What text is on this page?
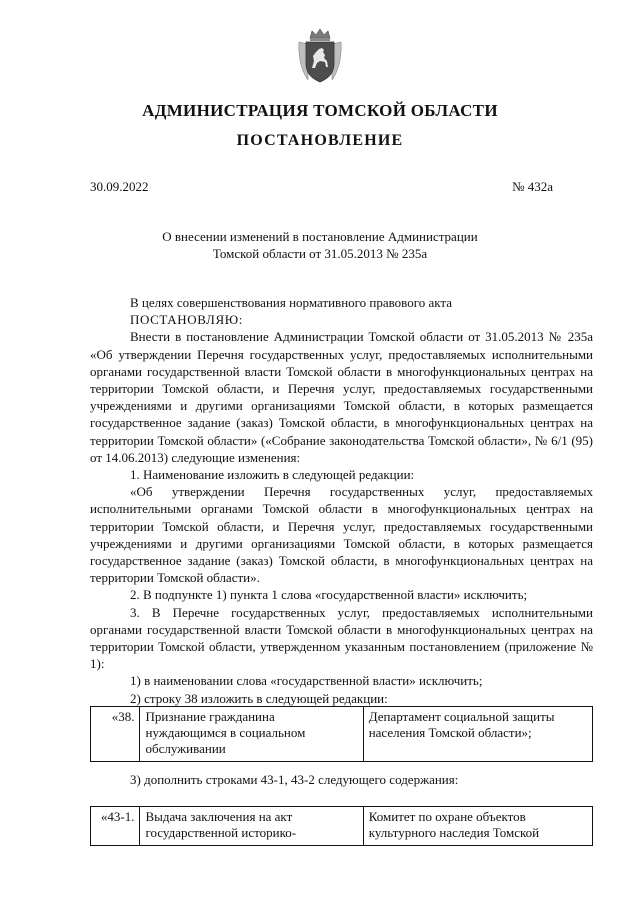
АДМИНИСТРАЦИЯ ТОМСКОЙ ОБЛАСТИ
ПОСТАНОВЛЕНИЕ
30.09.2022	№ 432а
О внесении изменений в постановление Администрации
Томской области от 31.05.2013 № 235а

В целях совершенствования нормативного правового акта

ПОСТАНОВЛЯЮ:

Внести в постановление Администрации Томской области от 31.05.2013 № 235а «Об утверждении Перечня государственных услуг, предоставляемых исполнительными органами государственной власти Томской области в многофункциональных центрах на территории Томской области, и Перечня услуг, предоставляемых государственными учреждениями и другими организациями Томской области, в которых размещается государственное задание (заказ) Томской области, в многофункциональных центрах на территории Томской области» («Собрание законодательства Томской области», № 6/1 (95) от 14.06.2013) следующие изменения:

1. Наименование изложить в следующей редакции:

«Об утверждении Перечня государственных услуг, предоставляемых исполнительными органами Томской области в многофункциональных центрах на территории Томской области, и Перечня услуг, предоставляемых государственными учреждениями и другими организациями Томской области, в которых размещается государственное задание (заказ) Томской области, в многофункциональных центрах на территории Томской области».

2. В подпункте 1) пункта 1 слова «государственной власти» исключить;

3. В Перечне государственных услуг, предоставляемых исполнительными органами государственной власти Томской области в многофункциональных центрах на территории Томской области, утвержденном указанным постановлением (приложение № 1):

1) в наименовании слова «государственной власти» исключить;

2) строку 38 изложить в следующей редакции:

«38.	Признание гражданина нуждающимся в социальном обслуживании	Департамент социальной защиты населения Томской области»;
3) дополнить строками 43-1, 43-2 следующего содержания:
«43-1.	Выдача заключения на акт государственной историко-	Комитет по охране объектов культурного наследия Томской
